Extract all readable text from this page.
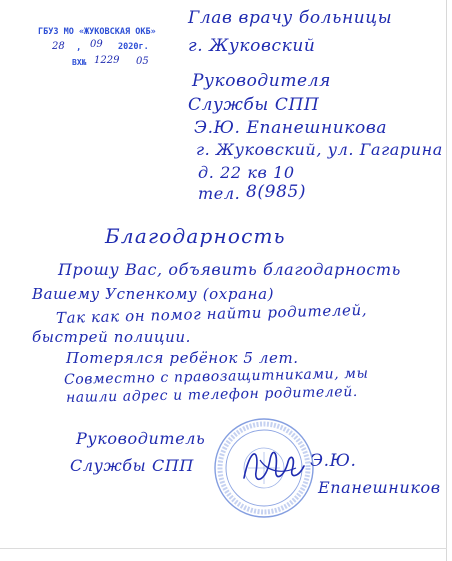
ГБУЗ МО «ЖУКОВСКАЯ ОКБ»
28 , 09 2020г.
ВХ№ 1229 05
Глав врачу больницы
г. Жуковский
Руководителя
Службы СПП
Э.Ю. Епанешникова
г. Жуковский, ул. Гагарина
д. 22 кв 10
тел. 8(985)
Благодарность
Прошу Вас, объявить благодарность
Вашему Успенкому (охрана)
Так как он помог найти родителей,
быстрей полиции.
Потерялся ребёнок 5 лет.
Совместно с правозащитниками, мы
нашли адрес и телефон родителей.
Руководитель
Службы СПП	Э.Ю.
Епанешников
